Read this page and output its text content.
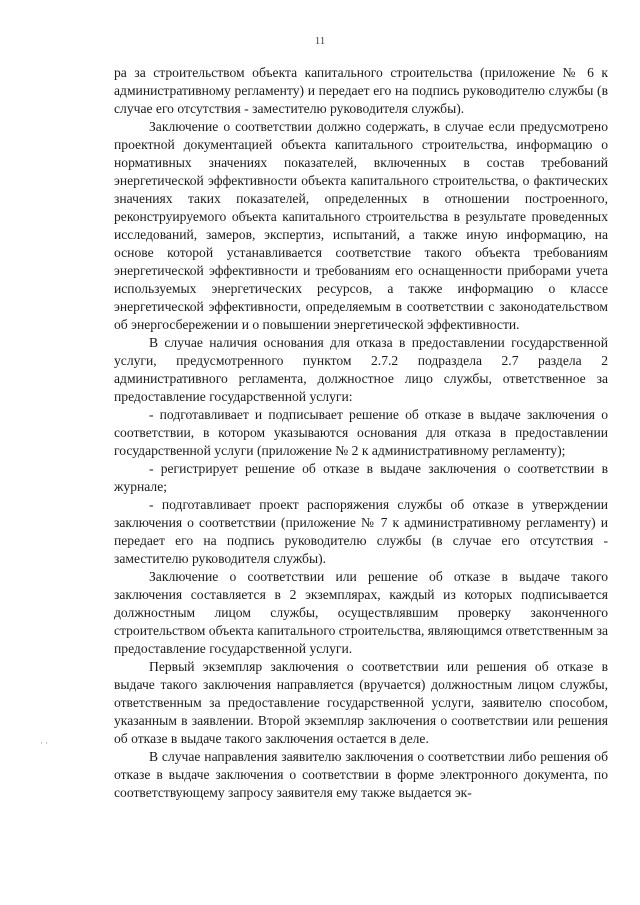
11
· ·

ра за строительством объекта капитального строительства (приложение № 6 к административному регламенту) и передает его на подпись руководителю службы (в случае его отсутствия - заместителю руководителя службы).

Заключение о соответствии должно содержать, в случае если предусмотрено проектной документацией объекта капитального строительства, информацию о нормативных значениях показателей, включенных в состав требований энергетической эффективности объекта капитального строительства, о фактических значениях таких показателей, определенных в отношении построенного, реконструируемого объекта капитального строительства в результате проведенных исследований, замеров, экспертиз, испытаний, а также иную информацию, на основе которой устанавливается соответствие такого объекта требованиям энергетической эффективности и требованиям его оснащенности приборами учета используемых энергетических ресурсов, а также информацию о классе энергетической эффективности, определяемым в соответствии с законодательством об энергосбережении и о повышении энергетической эффективности.

В случае наличия основания для отказа в предоставлении государственной услуги, предусмотренного пунктом 2.7.2 подраздела 2.7 раздела 2 административного регламента, должностное лицо службы, ответственное за предоставление государственной услуги:

- подготавливает и подписывает решение об отказе в выдаче заключения о соответствии, в котором указываются основания для отказа в предоставлении государственной услуги (приложение № 2 к административному регламенту);

- регистрирует решение об отказе в выдаче заключения о соответствии в журнале;

- подготавливает проект распоряжения службы об отказе в утверждении заключения о соответствии (приложение № 7 к административному регламенту) и передает его на подпись руководителю службы (в случае его отсутствия - заместителю руководителя службы).

Заключение о соответствии или решение об отказе в выдаче такого заключения составляется в 2 экземплярах, каждый из которых подписывается должностным лицом службы, осуществлявшим проверку законченного строительством объекта капитального строительства, являющимся ответственным за предоставление государственной услуги.

Первый экземпляр заключения о соответствии или решения об отказе в выдаче такого заключения направляется (вручается) должностным лицом службы, ответственным за предоставление государственной услуги, заявителю способом, указанным в заявлении. Второй экземпляр заключения о соответствии или решения об отказе в выдаче такого заключения остается в деле.

В случае направления заявителю заключения о соответствии либо решения об отказе в выдаче заключения о соответствии в форме электронного документа, по соответствующему запросу заявителя ему также выдается эк-
